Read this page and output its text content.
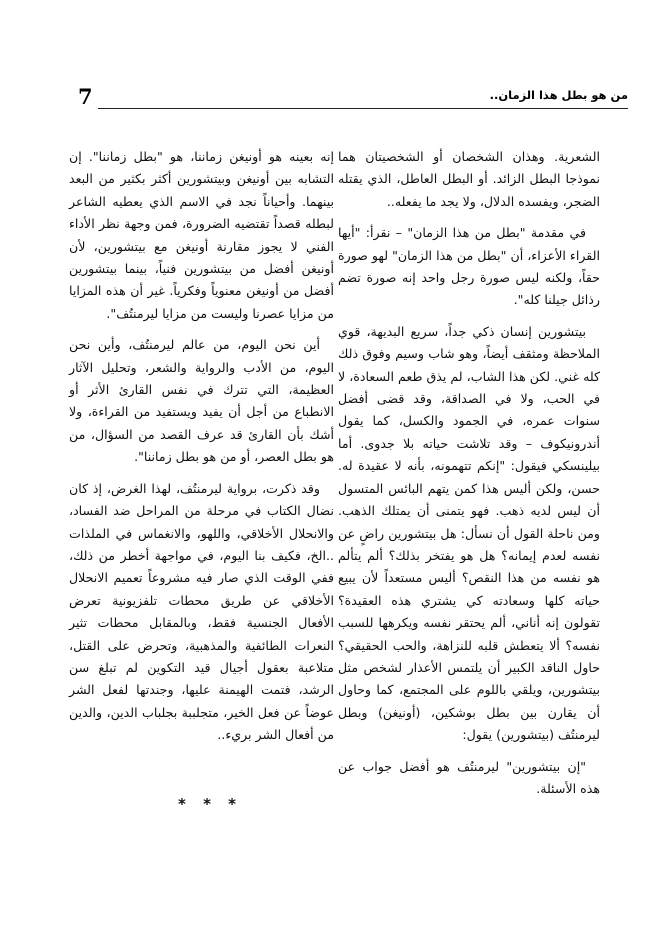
7	من هو بطل هذا الزمان..

الشعرية. وهذان الشخصان أو الشخصيتان هما نموذجا البطل الزائد. أو البطل العاطل، الذي يقتله الضجر، ويفسده الدلال، ولا يجد ما يفعله..

في مقدمة "بطل من هذا الزمان" – نقرأ: "أيها القراء الأعزاء، أن "بطل من هذا الزمان" لهو صورة حقاً، ولكنه ليس صورة رجل واحد إنه صورة تضم رذائل جيلنا كله".

بيتشورين إنسان ذكي جداً، سريع البديهة، قوي الملاحظة ومثقف أيضاً، وهو شاب وسيم وفوق ذلك كله غني. لكن هذا الشاب، لم يذق طعم السعادة، لا في الحب، ولا في الصداقة، وقد قضى أفضل سنوات عمره، في الجمود والكسل، كما يقول أندرونيكوف – وقد تلاشت حياته بلا جدوى. أما بيلينسكي فيقول: "إنكم تتهمونه، بأنه لا عقيدة له. حسن، ولكن أليس هذا كمن يتهم البائس المتسول أن ليس لديه ذهب. فهو يتمنى أن يمتلك الذهب. ومن ناحلة القول أن نسأل: هل بيتشورين راضٍ عن نفسه لعدم إيمانه؟ هل هو يفتخر بذلك؟ ألم يتألم هو نفسه من هذا النقص؟ أليس مستعداً لأن يبيع حياته كلها وسعادته كي يشتري هذه العقيدة؟ تقولون إنه أناني، ألم يحتقر نفسه ويكرهها للسبب نفسه؟ ألا يتعطش قلبه للنزاهة، والحب الحقيقي؟ حاول الناقد الكبير أن يلتمس الأعذار لشخص مثل بيتشورين، ويلقي باللوم على المجتمع، كما وحاول أن يقارن بين بطل بوشكين، (أونيغن) وبطل ليرمنتُف (بيتشورين) يقول:

"إن بيتشورين" ليرمنتُف هو أفضل جواب عن هذه الأسئلة.

إنه بعينه هو أونيغن زماننا، هو "بطل زماننا". إن التشابه بين أونيغن وبيتشورين أكثر بكثير من البعد بينهما. وأحياناً نجد في الاسم الذي يعطيه الشاعر لبطله قصداً تقتضيه الضرورة، فمن وجهة نظر الأداء الفني لا يجوز مقارنة أونيغن مع بيتشورين، لأن أونيغن أفضل من بيتشورين فنياً، بينما بيتشورين أفضل من أونيغن معنوياً وفكرياً. غير أن هذه المزايا من مزايا عصرنا وليست من مزايا ليرمنتُف".

أين نحن اليوم، من عالم ليرمنتُف، وأين نحن اليوم، من الأدب والرواية والشعر، وتحليل الآثار العظيمة، التي تترك في نفس القارئ الأثر أو الانطباع من أجل أن يفيد ويستفيد من القراءة، ولا أشك بأن القارئ قد عرف القصد من السؤال، من هو بطل العصر، أو من هو بطل زماننا".

وقد ذكرت، برواية ليرمنتُف، لهذا الغرض، إذ كان نضال الكتاب في مرحلة من المراحل ضد الفساد، والانحلال الأخلاقي، واللهو، والانغماس في الملذات ..الخ، فكيف بنا اليوم، في مواجهة أخطر من ذلك، ففي الوقت الذي صار فيه مشروعاً تعميم الانحلال الأخلاقي عن طريق محطات تلفزيونية تعرض الأفعال الجنسية فقط، وبالمقابل محطات تثير النعرات الطائفية والمذهبية، وتحرض على القتل، متلاعبة بعقول أجيال قيد التكوين لم تبلغ سن الرشد، فتمت الهيمنة عليها، وجندتها لفعل الشر عوضاً عن فعل الخير، متجلببة بجلباب الدين، والدين من أفعال الشر بريء..

* * *
